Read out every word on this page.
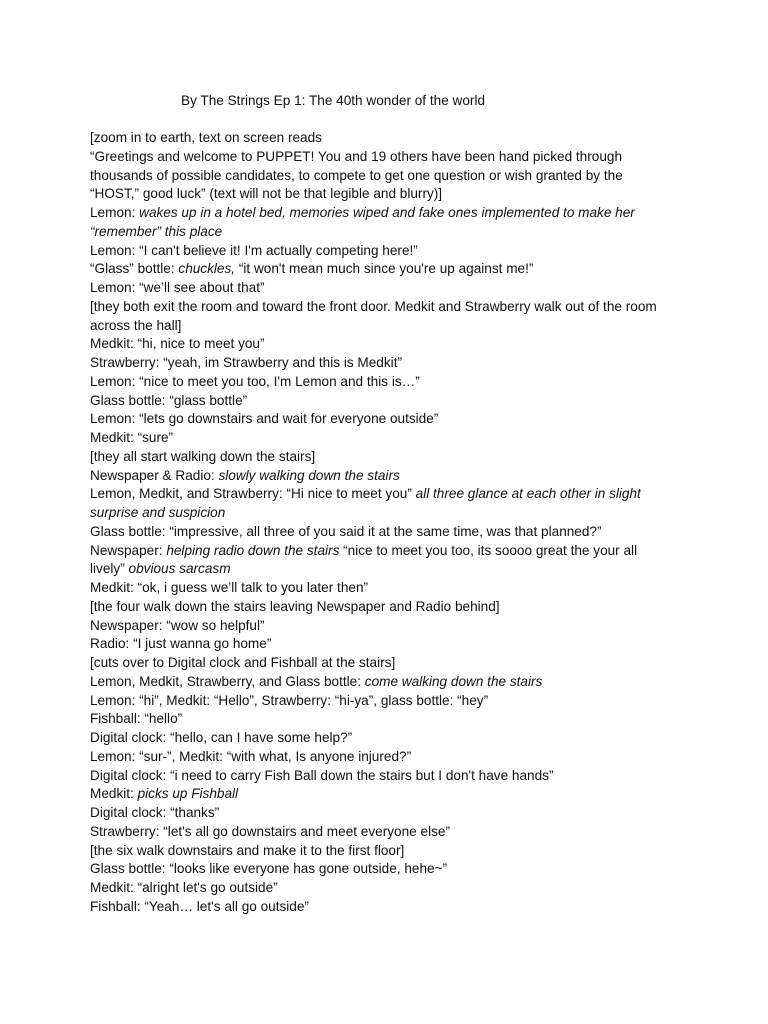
By The Strings Ep 1: The 40th wonder of the world
[zoom in to earth, text on screen reads
“Greetings and welcome to PUPPET! You and 19 others have been hand picked through
thousands of possible candidates, to compete to get one question or wish granted by the
“HOST,” good luck” (text will not be that legible and blurry)]
Lemon: wakes up in a hotel bed, memories wiped and fake ones implemented to make her
“remember” this place
Lemon: “I can't believe it! I'm actually competing here!”
“Glass” bottle: chuckles, “it won't mean much since you're up against me!”
Lemon: “we’ll see about that”
[they both exit the room and toward the front door. Medkit and Strawberry walk out of the room
across the hall]
Medkit: “hi, nice to meet you”
Strawberry: “yeah, im Strawberry and this is Medkit”
Lemon: “nice to meet you too, I'm Lemon and this is…”
Glass bottle: “glass bottle”
Lemon: “lets go downstairs and wait for everyone outside”
Medkit: “sure”
[they all start walking down the stairs]
Newspaper & Radio: slowly walking down the stairs
Lemon, Medkit, and Strawberry: “Hi nice to meet you” all three glance at each other in slight
surprise and suspicion
Glass bottle: “impressive, all three of you said it at the same time, was that planned?”
Newspaper: helping radio down the stairs “nice to meet you too, its soooo great the your all
lively” obvious sarcasm
Medkit: “ok, i guess we’ll talk to you later then”
[the four walk down the stairs leaving Newspaper and Radio behind]
Newspaper: “wow so helpful”
Radio: “I just wanna go home”
[cuts over to Digital clock and Fishball at the stairs]
Lemon, Medkit, Strawberry, and Glass bottle: come walking down the stairs
Lemon: “hi”, Medkit: “Hello”, Strawberry: “hi-ya”, glass bottle: “hey”
Fishball: “hello”
Digital clock: “hello, can I have some help?”
Lemon: “sur-”, Medkit: “with what, Is anyone injured?”
Digital clock: “i need to carry Fish Ball down the stairs but I don't have hands”
Medkit: picks up Fishball
Digital clock: “thanks”
Strawberry: “let's all go downstairs and meet everyone else”
[the six walk downstairs and make it to the first floor]
Glass bottle: “looks like everyone has gone outside, hehe~”
Medkit: “alright let's go outside”
Fishball: “Yeah… let's all go outside”
